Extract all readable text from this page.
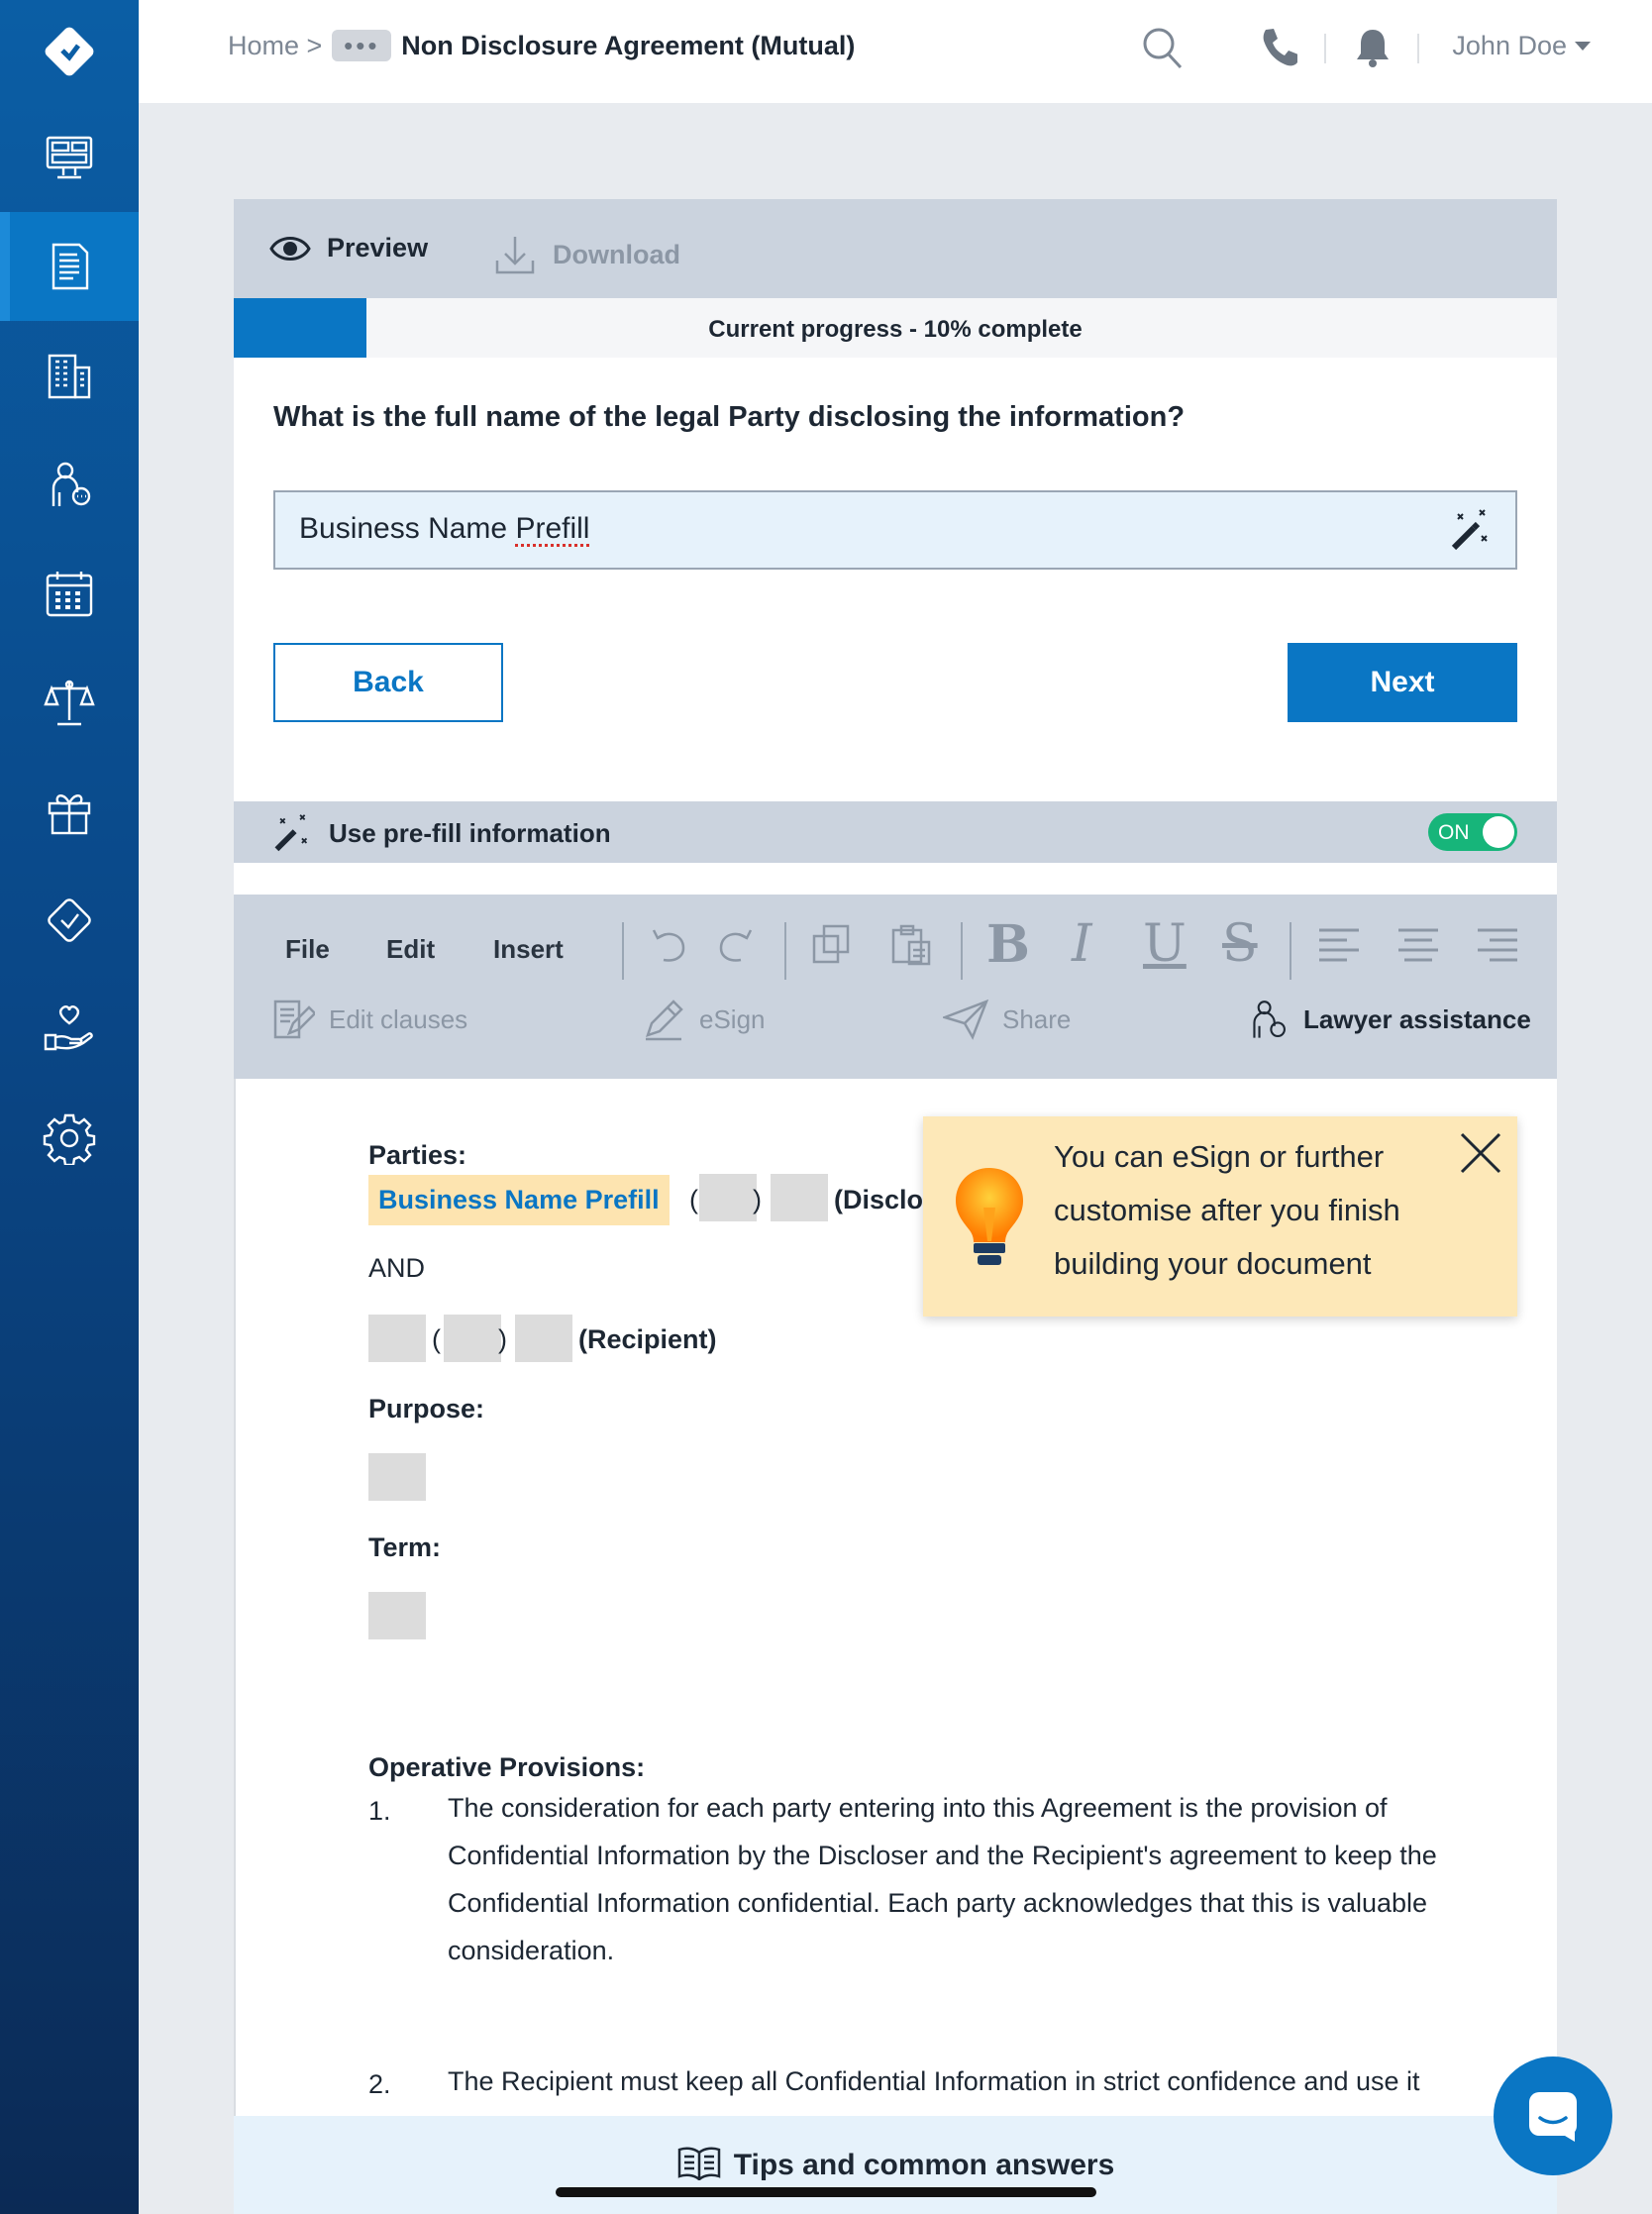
Home > ••• Non Disclosure Agreement (Mutual)	John Doe
Preview	Download
Current progress - 10% complete
What is the full name of the legal Party disclosing the information?
Business Name Prefill
Back	Next
Use pre-fill information	ON
File Edit Insert	B I U S
Edit clauses	eSign	Share	Lawyer assistance
Parties:
Business Name Prefill	( )	(Disclo
AND
( )	(Recipient)
Purpose:
Term:
Operative Provisions:
1. The consideration for each party entering into this Agreement is the provision of Confidential Information by the Discloser and the Recipient's agreement to keep the Confidential Information confidential. Each party acknowledges that this is valuable consideration.
2. The Recipient must keep all Confidential Information in strict confidence and use it
You can eSign or further customise after you finish building your document
Tips and common answers
